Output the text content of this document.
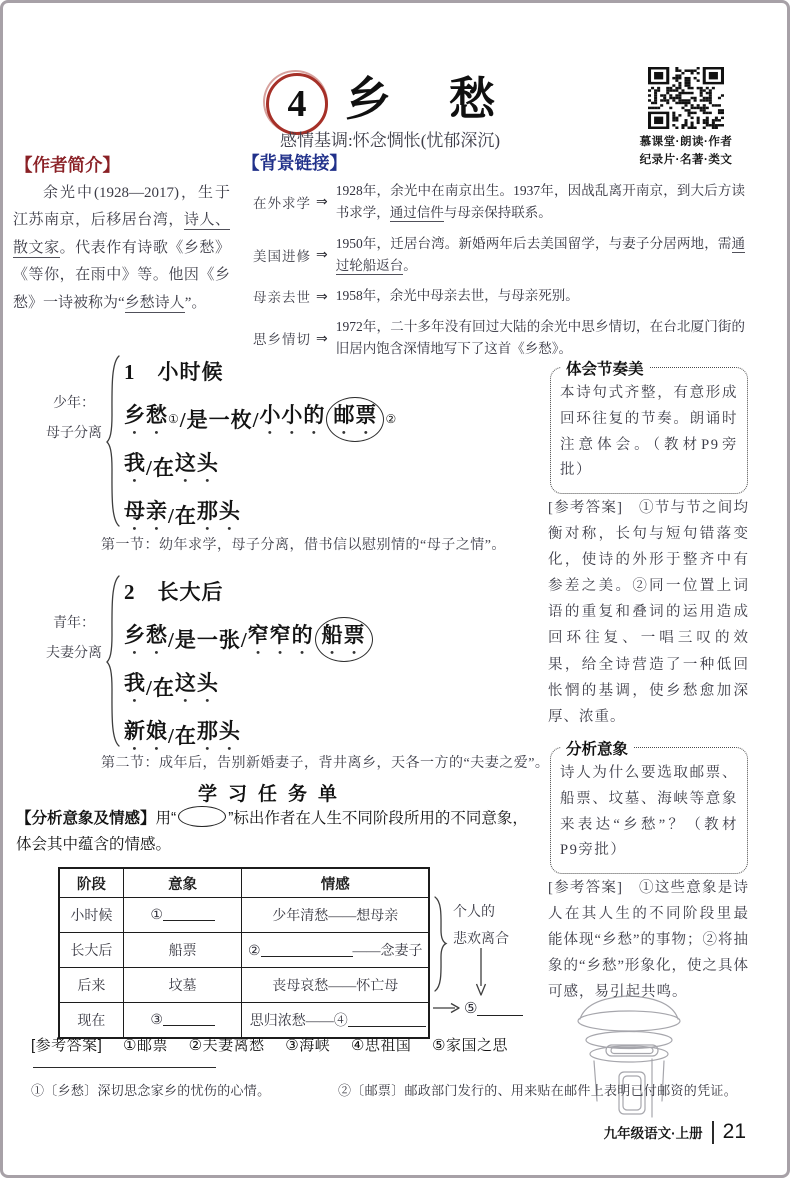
4 乡　愁
感情基调:怀念惆怅(忧郁深沉)	慕课堂·朗读·作者
纪录片·名著·类文
【作者简介】
余光中(1928—2017)，生于江苏南京，后移居台湾，诗人、散文家。代表作有诗歌《乡愁》《等你，在雨中》等。他因《乡愁》一诗被称为“乡愁诗人”。
【背景链接】
在外求学 ⇒
1928年，余光中在南京出生。1937年，因战乱离开南京，到大后方读书求学，通过信件与母亲保持联系。
美国进修 ⇒
1950年，迁居台湾。新婚两年后去美国留学，与妻子分居两地，需通过轮船返台。
母亲去世 ⇒ 1958年，余光中母亲去世，与母亲死别。
思乡情切 ⇒
1972年，二十多年没有回过大陆的余光中思乡情切，在台北厦门街的旧居内饱含深情地写下了这首《乡愁》。
少年：
母子分离
1　小时候
乡愁 ① /是一枚/ 小小的 邮票 ②
我 /在 这头
母亲 /在 那头
第一节：幼年求学，母子分离，借书信以慰别情的“母子之情”。
青年：
夫妻分离
2　长大后
乡愁 /是一张/ 窄窄的 船票
我 /在 这头
新娘 /在 那头
第二节：成年后，告别新婚妻子，背井离乡，天各一方的“夫妻之爱”。
体会节奏美
本诗句式齐整，有意形成回环往复的节奏。朗诵时注意体会。（教材P9旁批）
[参考答案]　①节与节之间均衡对称，长句与短句错落变化，使诗的外形于整齐中有参差之美。②同一位置上词语的重复和叠词的运用造成回环往复、一唱三叹的效果，给全诗营造了一种低回怅惘的基调，使乡愁愈加深厚、浓重。
分析意象
诗人为什么要选取邮票、船票、坟墓、海峡等意象来表达“乡愁”？（教材P9旁批）
[参考答案]　①这些意象是诗人在其人生的不同阶段里最能体现“乡愁”的事物；②将抽象的“乡愁”形象化，使之具体可感，易引起共鸣。
学习任务单
【分析意象及情感】用“	”标出作者在人生不同阶段所用的不同意象，体会其中蕴含的情感。
阶段	意象	情感
小时候	①	少年清愁——想母亲
长大后	船票	② ——念妻子
后来	坟墓	丧母哀愁——怀亡母
现在	③	思归浓愁——④
个人的
悲欢离合
⑤
[参考答案] ①邮票 ②夫妻离愁 ③海峡 ④思祖国 ⑤家国之思
①〔乡愁〕深切思念家乡的忧伤的心情。	②〔邮票〕邮政部门发行的、用来贴在邮件上表明已付邮资的凭证。
九年级语文·上册 21
